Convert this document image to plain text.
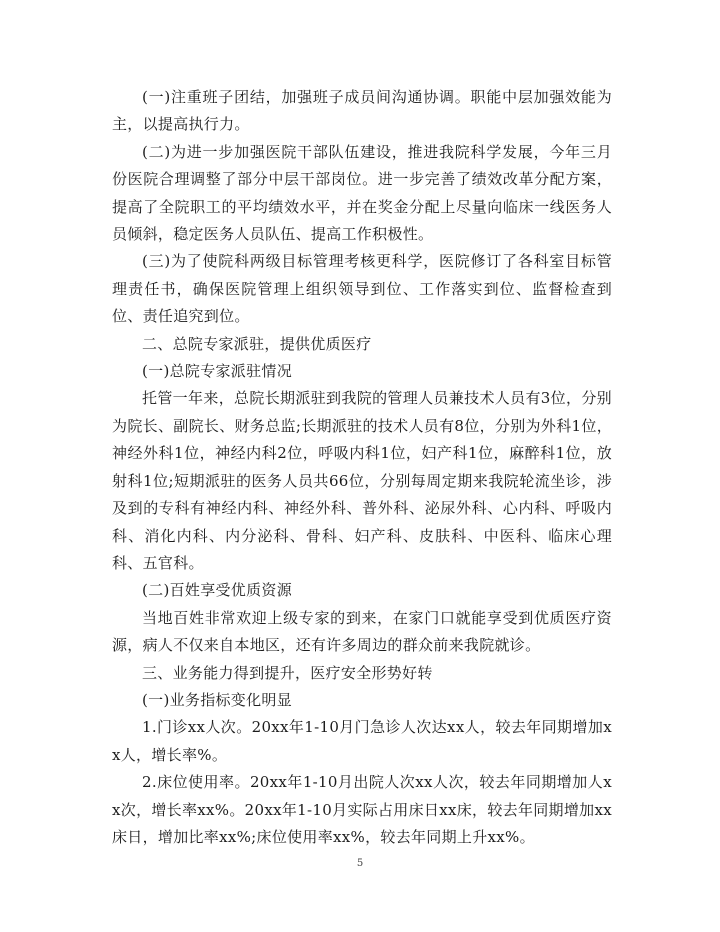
(一)注重班子团结，加强班子成员间沟通协调。职能中层加强效能为主，以提高执行力。

(二)为进一步加强医院干部队伍建设，推进我院科学发展，今年三月份医院合理调整了部分中层干部岗位。进一步完善了绩效改革分配方案，提高了全院职工的平均绩效水平，并在奖金分配上尽量向临床一线医务人员倾斜，稳定医务人员队伍、提高工作积极性。

(三)为了使院科两级目标管理考核更科学，医院修订了各科室目标管理责任书，确保医院管理上组织领导到位、工作落实到位、监督检查到位、责任追究到位。

二、总院专家派驻，提供优质医疗

(一)总院专家派驻情况

托管一年来，总院长期派驻到我院的管理人员兼技术人员有3位，分别为院长、副院长、财务总监;长期派驻的技术人员有8位，分别为外科1位，神经外科1位，神经内科2位，呼吸内科1位，妇产科1位，麻醉科1位，放射科1位;短期派驻的医务人员共66位，分别每周定期来我院轮流坐诊，涉及到的专科有神经内科、神经外科、普外科、泌尿外科、心内科、呼吸内科、消化内科、内分泌科、骨科、妇产科、皮肤科、中医科、临床心理科、五官科。

(二)百姓享受优质资源

当地百姓非常欢迎上级专家的到来，在家门口就能享受到优质医疗资源，病人不仅来自本地区，还有许多周边的群众前来我院就诊。

三、业务能力得到提升，医疗安全形势好转

(一)业务指标变化明显

1.门诊xx人次。20xx年1-10月门急诊人次达xx人，较去年同期增加xx人，增长率%。

2.床位使用率。20xx年1-10月出院人次xx人次，较去年同期增加人xx次，增长率xx%。20xx年1-10月实际占用床日xx床，较去年同期增加xx床日，增加比率xx%;床位使用率xx%，较去年同期上升xx%。

5
